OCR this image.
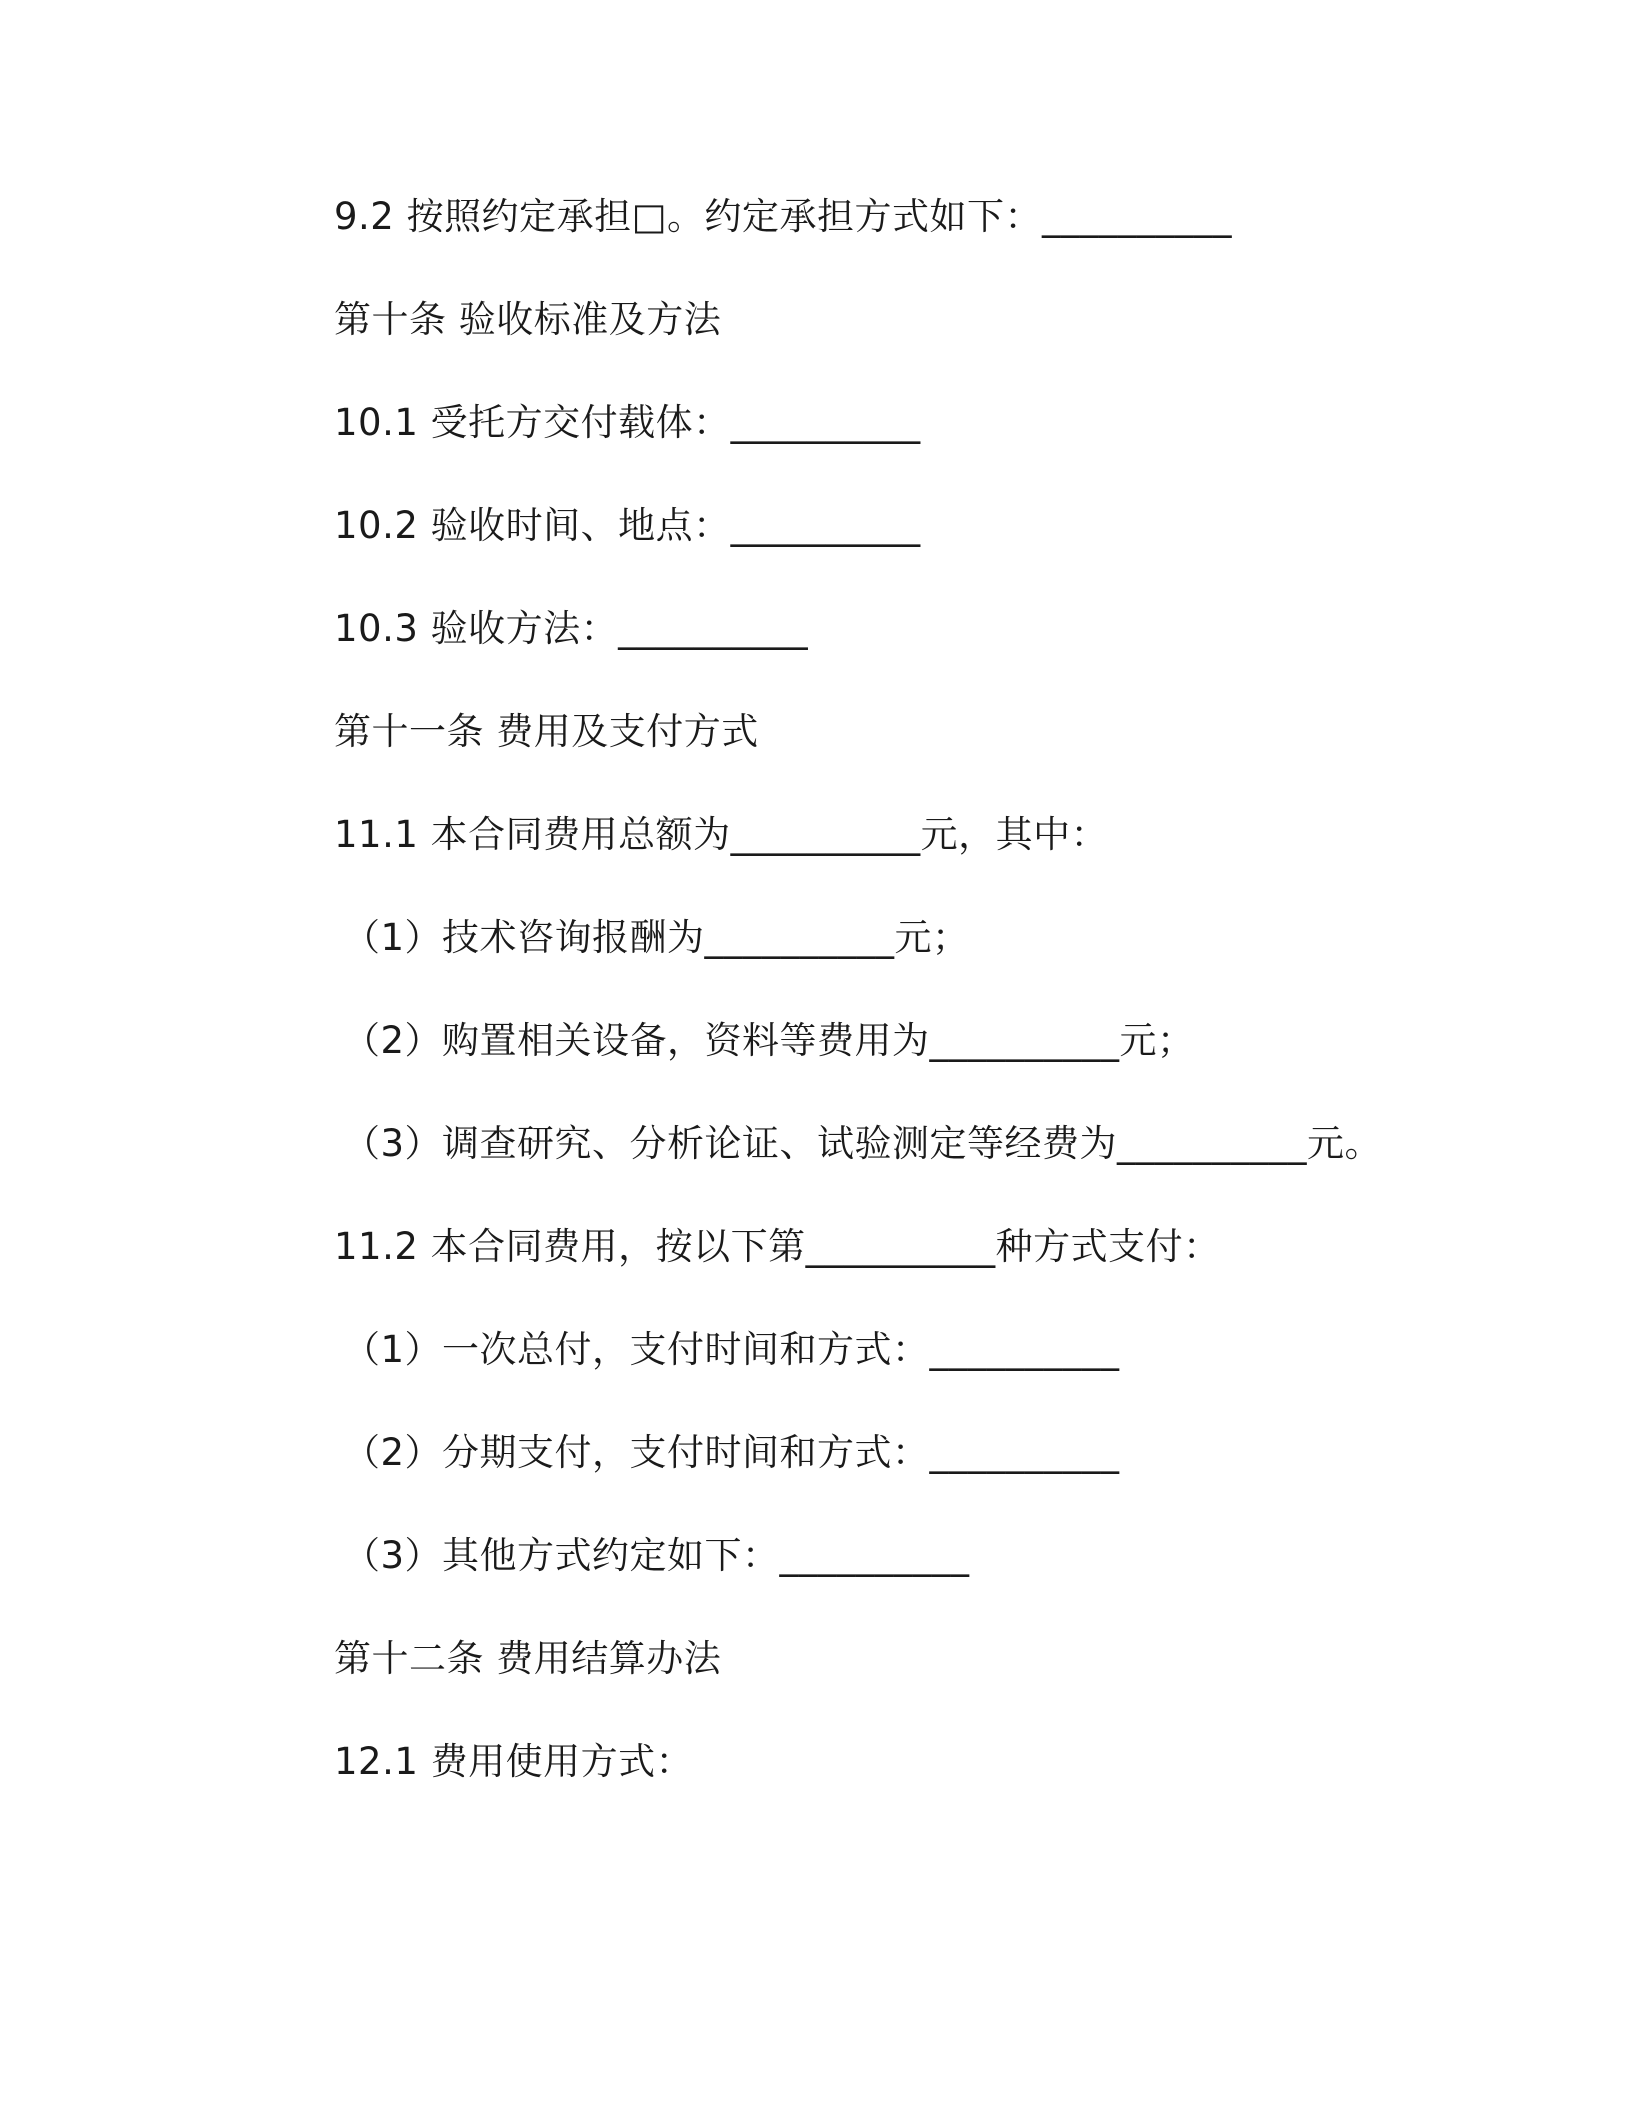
9.2 按照约定承担□。约定承担方式如下：__________
第十条 验收标准及方法
10.1 受托方交付载体：__________
10.2 验收时间、地点：__________
10.3 验收方法：__________
第十一条 费用及支付方式
11.1 本合同费用总额为__________元，其中：
（1）技术咨询报酬为__________元；
（2）购置相关设备，资料等费用为__________元；
（3）调查研究、分析论证、试验测定等经费为__________元。
11.2 本合同费用，按以下第__________种方式支付：
（1）一次总付，支付时间和方式：__________
（2）分期支付，支付时间和方式：__________
（3）其他方式约定如下：__________
第十二条 费用结算办法
12.1 费用使用方式：
